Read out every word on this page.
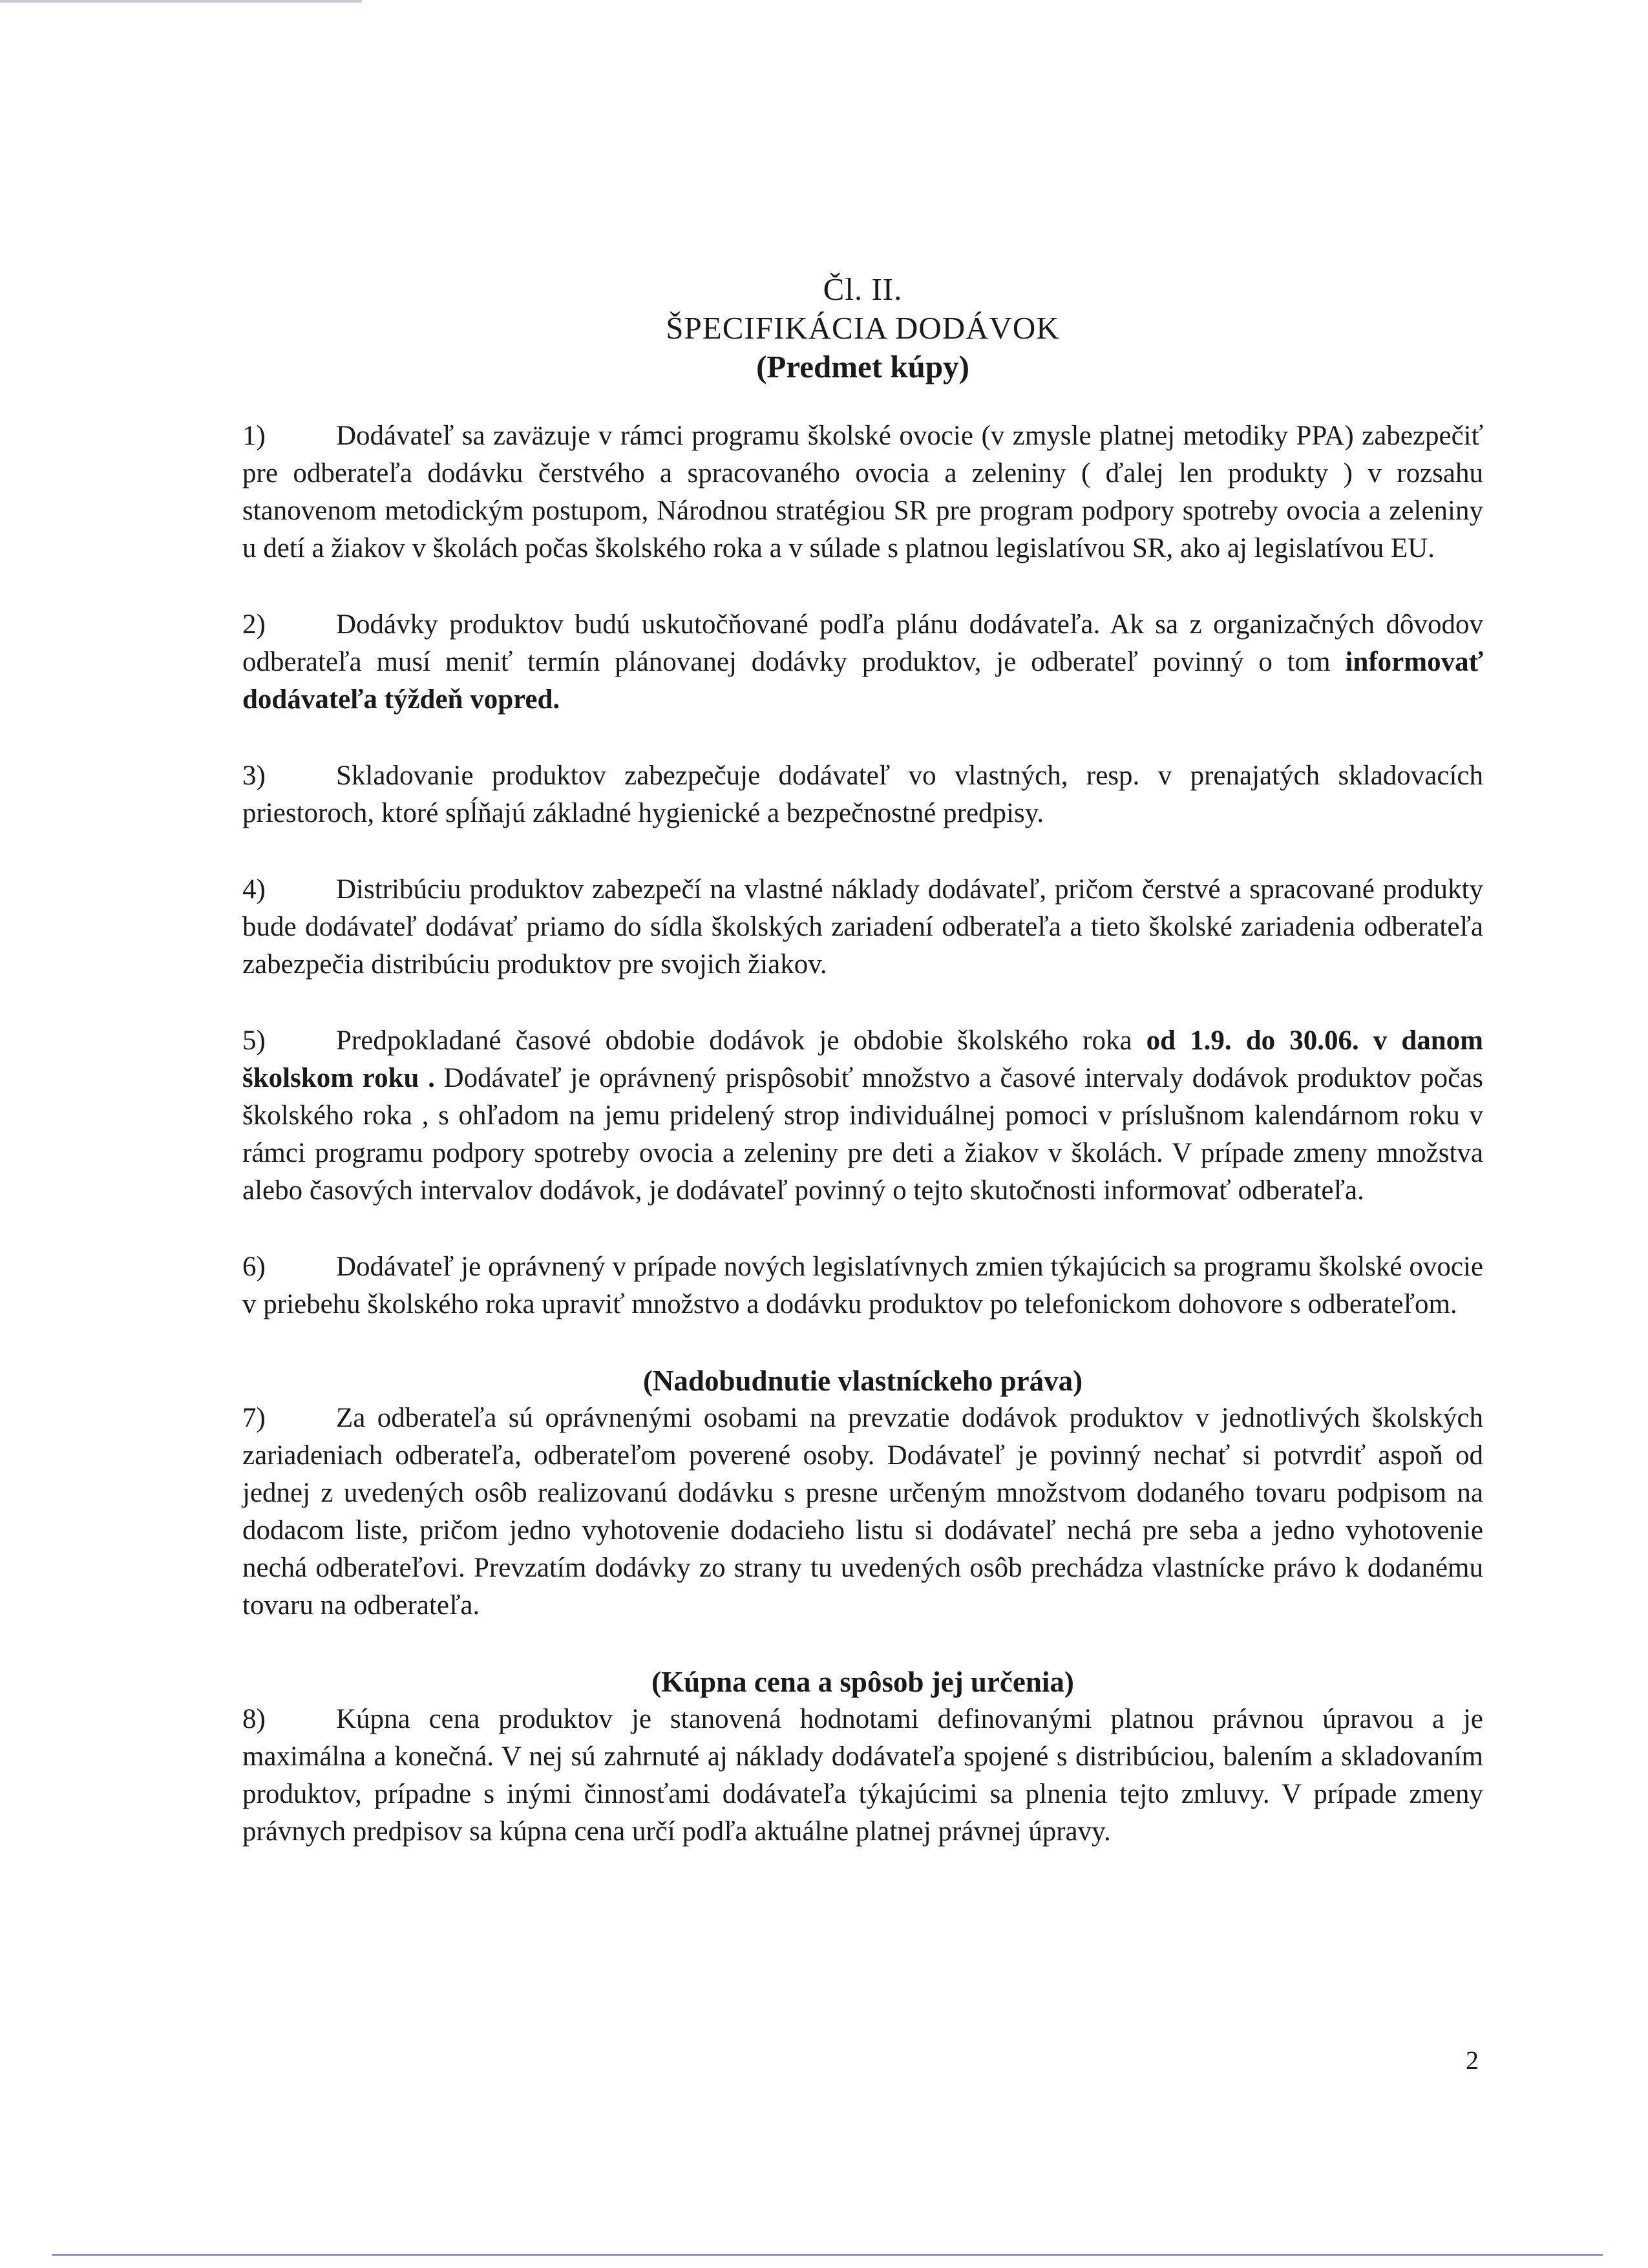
Čl. II.

ŠPECIFIKÁCIA DODÁVOK

(Predmet kúpy)

1)	Dodávateľ sa zaväzuje v rámci programu školské ovocie (v zmysle platnej metodiky PPA) zabezpečiť pre odberateľa dodávku čerstvého a spracovaného ovocia a zeleniny ( ďalej len produkty ) v rozsahu stanovenom metodickým postupom, Národnou stratégiou SR pre program podpory spotreby ovocia a zeleniny u detí a žiakov v školách počas školského roka a v súlade s platnou legislatívou SR, ako aj legislatívou EU.

2)	Dodávky produktov budú uskutočňované podľa plánu dodávateľa. Ak sa z organizačných dôvodov odberateľa musí meniť termín plánovanej dodávky produktov, je odberateľ povinný o tom informovať dodávateľa týždeň vopred.

3)	Skladovanie produktov zabezpečuje dodávateľ vo vlastných, resp. v prenajatých skladovacích priestoroch, ktoré spĺňajú základné hygienické a bezpečnostné predpisy.

4)	Distribúciu produktov zabezpečí na vlastné náklady dodávateľ, pričom čerstvé a spracované produkty bude dodávateľ dodávať priamo do sídla školských zariadení odberateľa a tieto školské zariadenia odberateľa zabezpečia distribúciu produktov pre svojich žiakov.

5)	Predpokladané časové obdobie dodávok je obdobie školského roka od 1.9. do 30.06. v danom školskom roku . Dodávateľ je oprávnený prispôsobiť množstvo a časové intervaly dodávok produktov počas školského roka , s ohľadom na jemu pridelený strop individuálnej pomoci v príslušnom kalendárnom roku v rámci programu podpory spotreby ovocia a zeleniny pre deti a žiakov v školách. V prípade zmeny množstva alebo časových intervalov dodávok, je dodávateľ povinný o tejto skutočnosti informovať odberateľa.

6)	Dodávateľ je oprávnený v prípade nových legislatívnych zmien týkajúcich sa programu školské ovocie v priebehu školského roka upraviť množstvo a dodávku produktov po telefonickom dohovore s odberateľom.

(Nadobudnutie vlastníckeho práva)

7)	Za odberateľa sú oprávnenými osobami na prevzatie dodávok produktov v jednotlivých školských zariadeniach odberateľa, odberateľom poverené osoby. Dodávateľ je povinný nechať si potvrdiť aspoň od jednej z uvedených osôb realizovanú dodávku s presne určeným množstvom dodaného tovaru podpisom na dodacom liste, pričom jedno vyhotovenie dodacieho listu si dodávateľ nechá pre seba a jedno vyhotovenie nechá odberateľovi. Prevzatím dodávky zo strany tu uvedených osôb prechádza vlastnícke právo k dodanému tovaru na odberateľa.

(Kúpna cena a spôsob jej určenia)

8)	Kúpna cena produktov je stanovená hodnotami definovanými platnou právnou úpravou a je maximálna a konečná. V nej sú zahrnuté aj náklady dodávateľa spojené s distribúciou, balením a skladovaním produktov, prípadne s inými činnosťami dodávateľa týkajúcimi sa plnenia tejto zmluvy. V prípade zmeny právnych predpisov sa kúpna cena určí podľa aktuálne platnej právnej úpravy.

2
